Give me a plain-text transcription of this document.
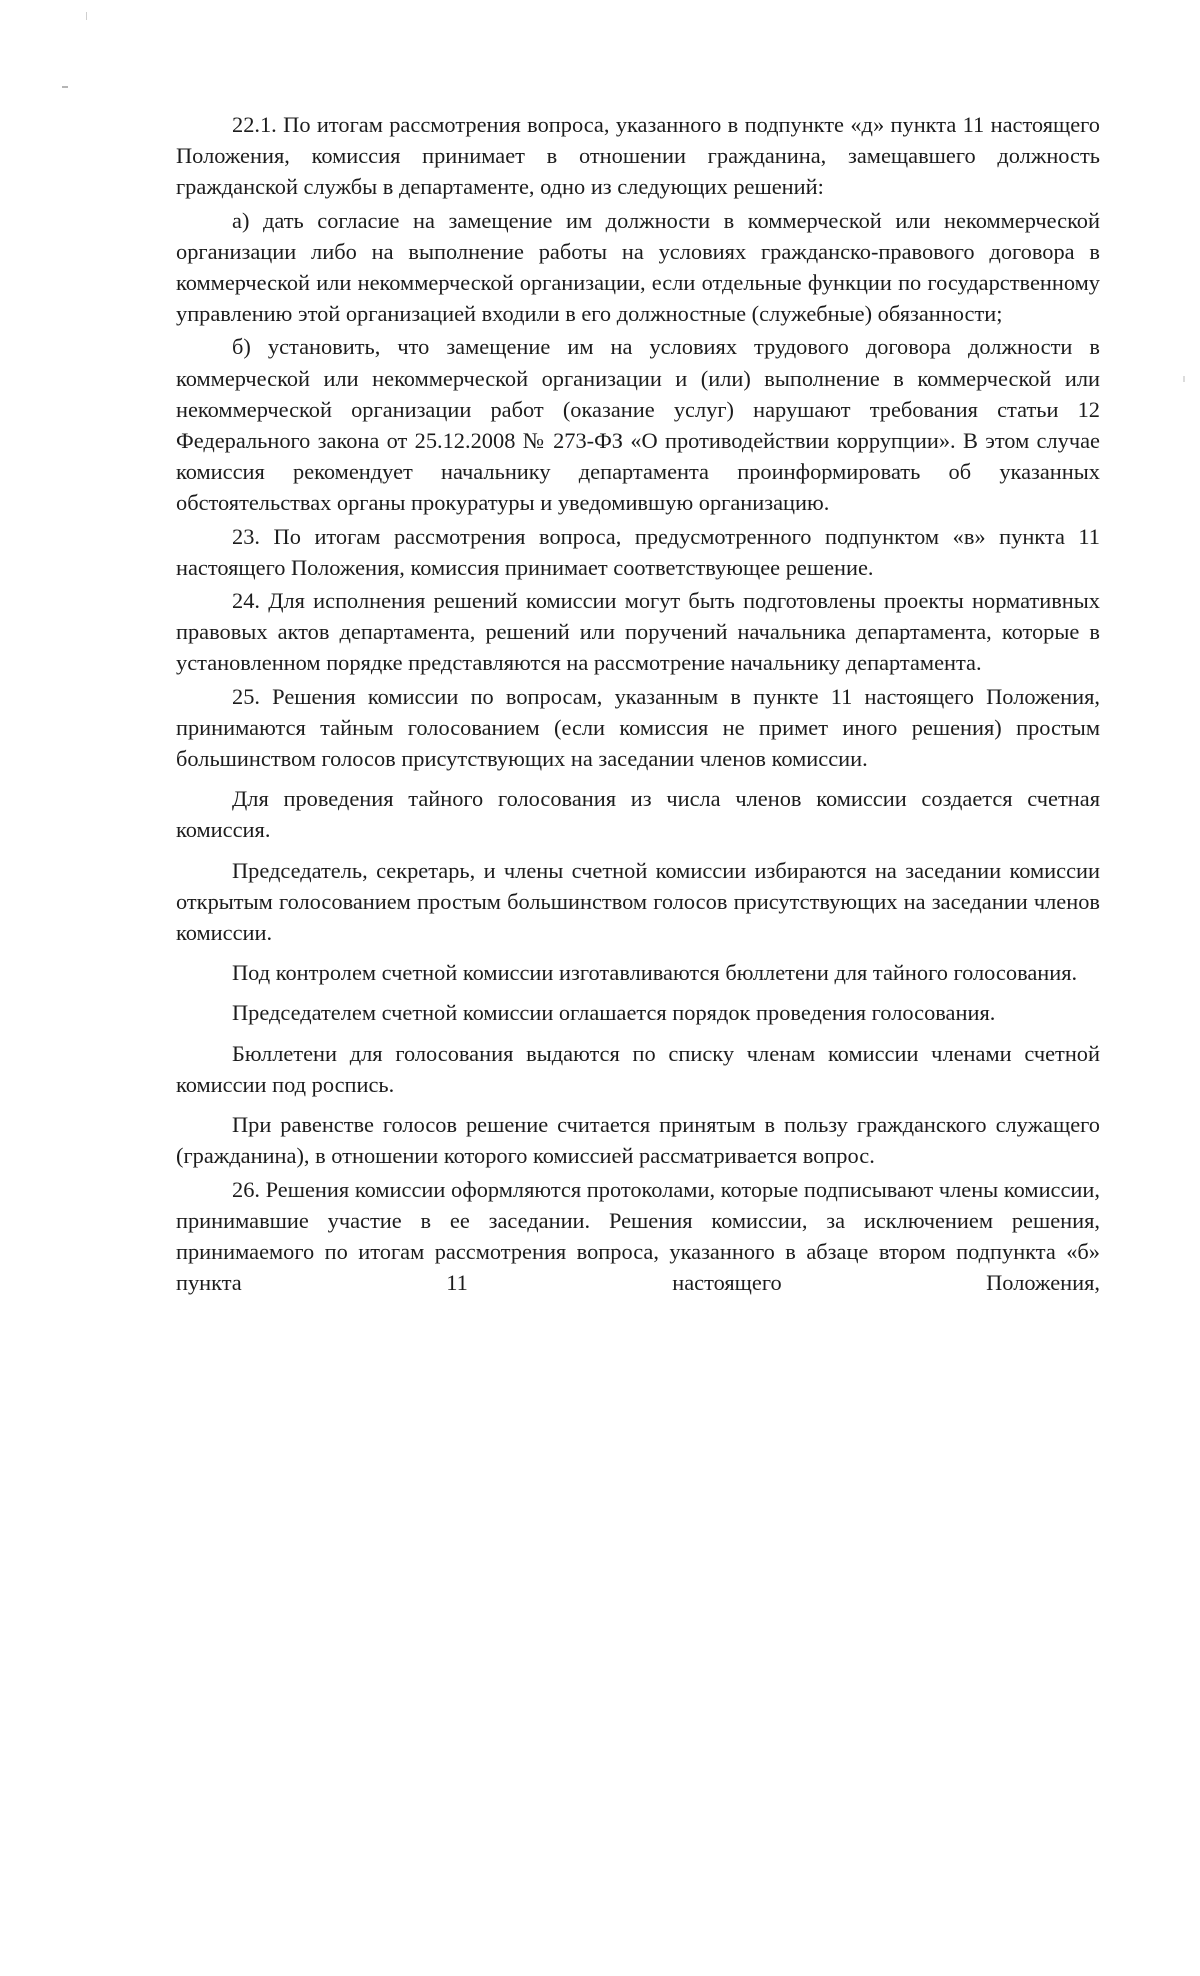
22.1. По итогам рассмотрения вопроса, указанного в подпункте «д» пункта 11 настоящего Положения, комиссия принимает в отношении гражданина, замещавшего должность гражданской службы в департаменте, одно из следующих решений:

а) дать согласие на замещение им должности в коммерческой или некоммерческой организации либо на выполнение работы на условиях гражданско-правового договора в коммерческой или некоммерческой организации, если отдельные функции по государственному управлению этой организацией входили в его должностные (служебные) обязанности;

б) установить, что замещение им на условиях трудового договора должности в коммерческой или некоммерческой организации и (или) выполнение в коммерческой или некоммерческой организации работ (оказание услуг) нарушают требования статьи 12 Федерального закона от 25.12.2008 № 273-ФЗ «О противодействии коррупции». В этом случае комиссия рекомендует начальнику департамента проинформировать об указанных обстоятельствах органы прокуратуры и уведомившую организацию.

23. По итогам рассмотрения вопроса, предусмотренного подпунктом «в» пункта 11 настоящего Положения, комиссия принимает соответствующее решение.

24. Для исполнения решений комиссии могут быть подготовлены проекты нормативных правовых актов департамента, решений или поручений начальника департамента, которые в установленном порядке представляются на рассмотрение начальнику департамента.

25. Решения комиссии по вопросам, указанным в пункте 11 настоящего Положения, принимаются тайным голосованием (если комиссия не примет иного решения) простым большинством голосов присутствующих на заседании членов комиссии.

Для проведения тайного голосования из числа членов комиссии создается счетная комиссия.

Председатель, секретарь, и члены счетной комиссии избираются на заседании комиссии открытым голосованием простым большинством голосов присутствующих на заседании членов комиссии.

Под контролем счетной комиссии изготавливаются бюллетени для тайного голосования.

Председателем счетной комиссии оглашается порядок проведения голосования.

Бюллетени для голосования выдаются по списку членам комиссии членами счетной комиссии под роспись.

При равенстве голосов решение считается принятым в пользу гражданского служащего (гражданина), в отношении которого комиссией рассматривается вопрос.

26. Решения комиссии оформляются протоколами, которые подписывают члены комиссии, принимавшие участие в ее заседании. Решения комиссии, за исключением решения, принимаемого по итогам рассмотрения вопроса, указанного в абзаце втором подпункта «б» пункта 11 настоящего Положения,
